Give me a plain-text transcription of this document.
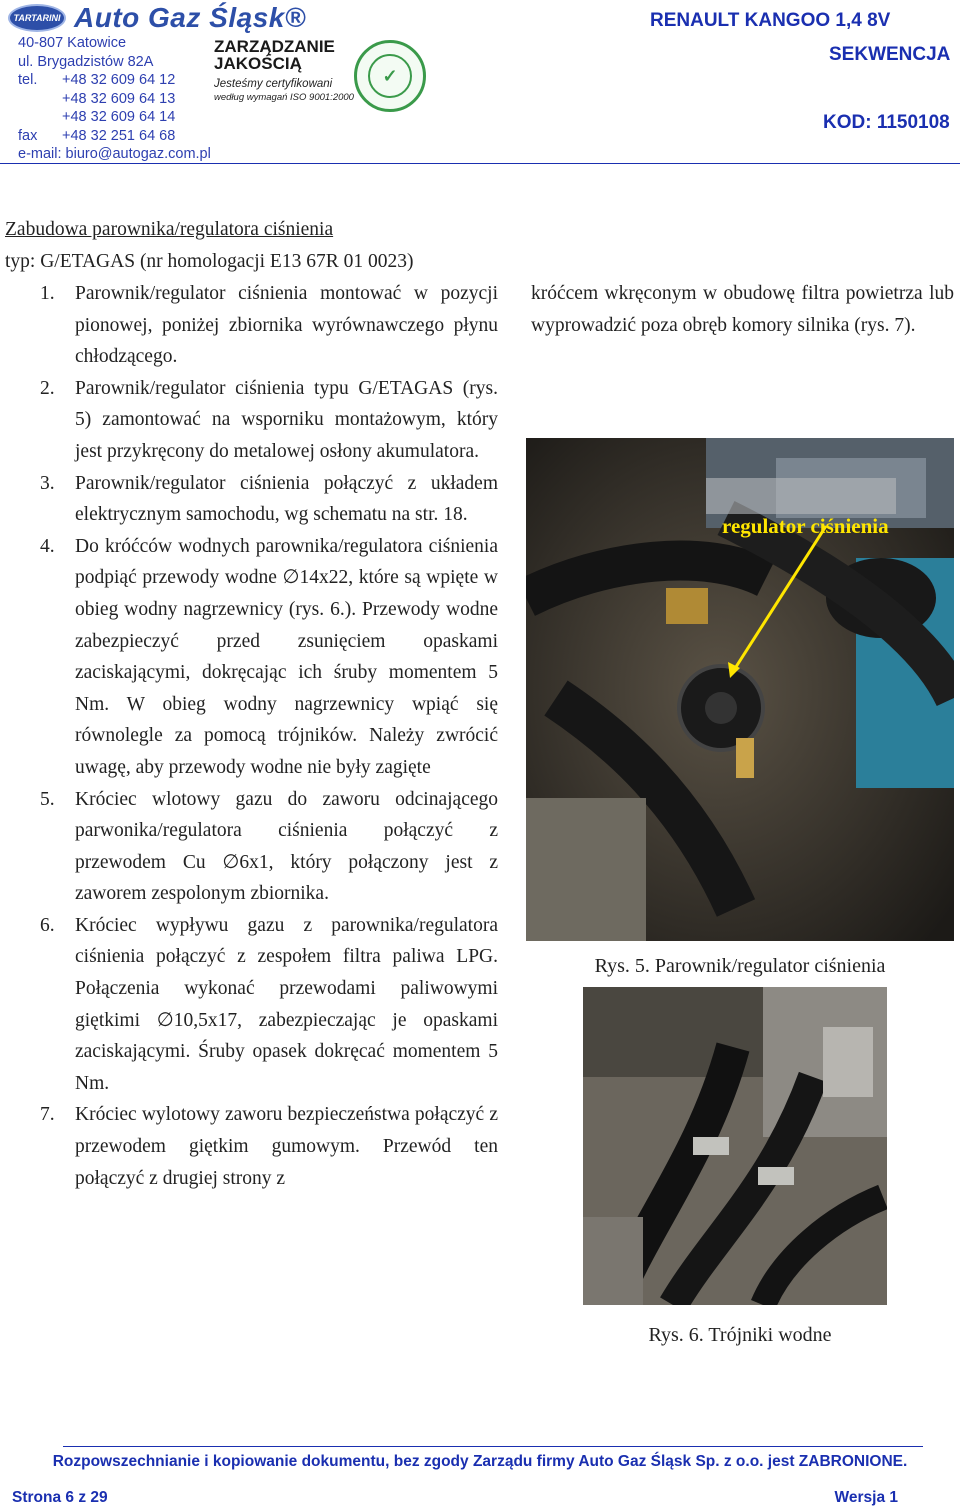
TARTARINI Auto Gaz Śląsk®
40-807 Katowice
ul. Brygadzistów 82A
tel.	+48 32 609 64 12
+48 32 609 64 13
+48 32 609 64 14
fax	+48 32 251 64 68
e-mail: biuro@autogaz.com.pl
ZARZĄDZANIE
JAKOŚCIĄ
Jesteśmy certyfikowani
według wymagań ISO 9001:2000
✓
RENAULT KANGOO 1,4 8V
SEKWENCJA
KOD: 1150108
Zabudowa parownika/regulatora ciśnienia
typ: G/ETAGAS (nr homologacji E13 67R 01 0023)
1.	Parownik/regulator ciśnienia montować w pozycji pionowej, poniżej zbiornika wyrównawczego płynu chłodzącego.
2.	Parownik/regulator ciśnienia typu G/ETAGAS (rys. 5) zamontować na wsporniku montażowym, który jest przykręcony do metalowej osłony akumulatora.
3.	Parownik/regulator ciśnienia połączyć z układem elektrycznym samochodu, wg schematu na str. 18.
4.	Do króćców wodnych parownika/regulatora ciśnienia podpiąć przewody wodne ∅14x22, które są wpięte w obieg wodny nagrzewnicy (rys. 6.). Przewody wodne zabezpieczyć przed zsunięciem opaskami zaciskającymi, dokręcając ich śruby momentem 5 Nm. W obieg wodny nagrzewnicy wpiąć się równolegle za pomocą trójników. Należy zwrócić uwagę, aby przewody wodne nie były zagięte
5.	Króciec wlotowy gazu do zaworu odcinającego parwonika/regulatora ciśnienia połączyć z przewodem Cu ∅6x1, który połączony jest z zaworem zespolonym zbiornika.
6.	Króciec wypływu gazu z parownika/regulatora ciśnienia połączyć z zespołem filtra paliwa LPG. Połączenia wykonać przewodami paliwowymi giętkimi ∅10,5x17, zabezpieczając je opaskami zaciskającymi. Śruby opasek dokręcać momentem 5 Nm.
7.	Króciec wylotowy zaworu bezpieczeństwa połączyć z przewodem giętkim gumowym. Przewód ten połączyć z drugiej strony z
króćcem wkręconym w obudowę filtra powietrza lub wyprowadzić poza obręb komory silnika (rys. 7).
regulator ciśnienia
Rys. 5. Parownik/regulator ciśnienia
Rys. 6. Trójniki wodne
Rozpowszechnianie i kopiowanie dokumentu, bez zgody Zarządu firmy Auto Gaz Śląsk Sp. z o.o. jest ZABRONIONE.
Strona 6 z 29	Wersja 1
